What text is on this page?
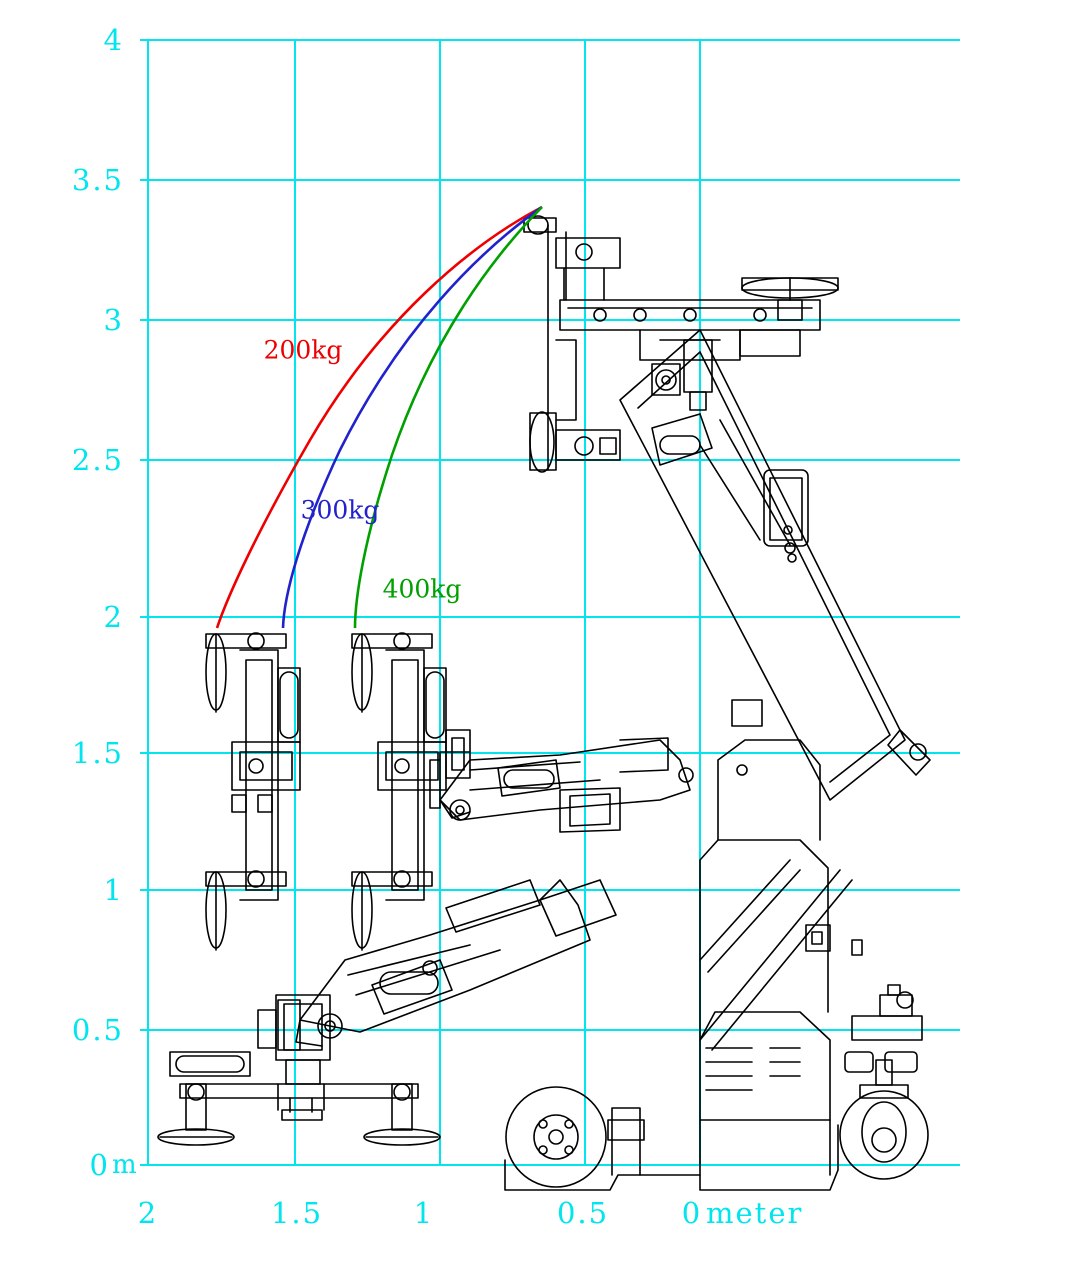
200kg
300kg
400kg
4
3.5
3
2.5
2
1.5
1
0.5
0 m
2	1.5	1	0.5	0 meter
